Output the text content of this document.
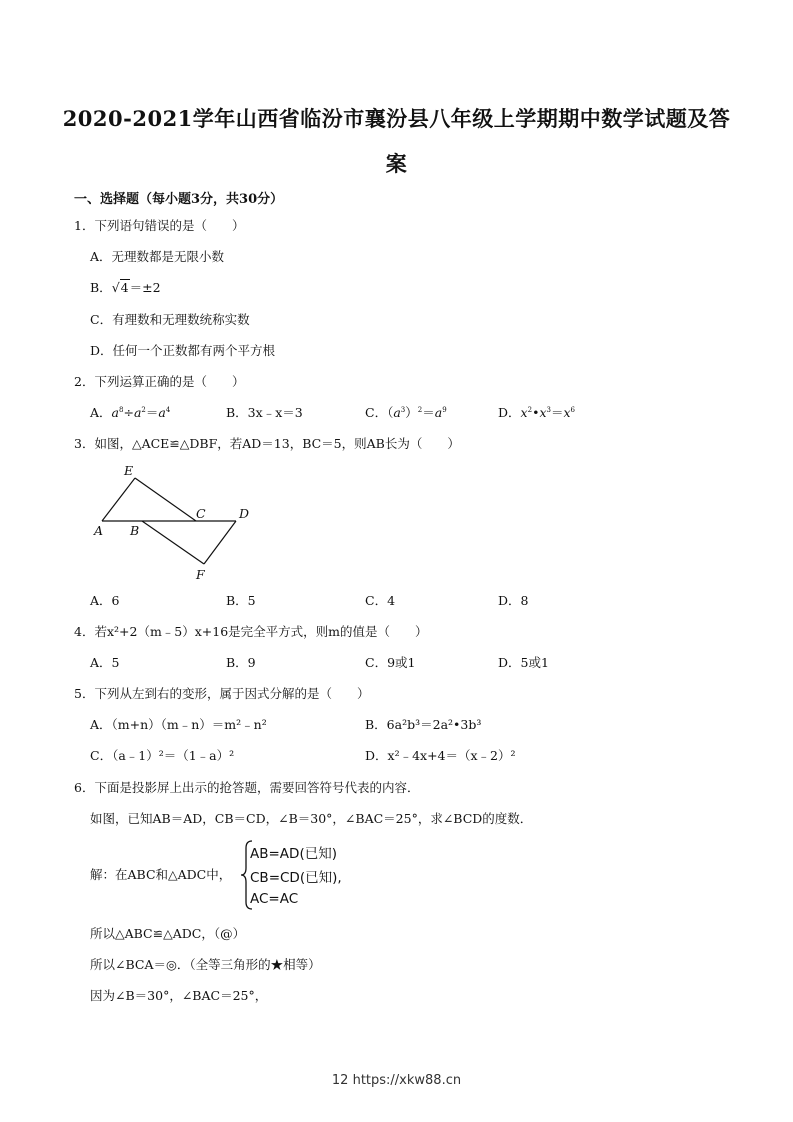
2020-2021学年山西省临汾市襄汾县八年级上学期期中数学试题及答
案
一、选择题（每小题3分，共30分）
1．下列语句错误的是（　　）
A．无理数都是无限小数
B．√4＝±2
C．有理数和无理数统称实数
D．任何一个正数都有两个平方根
2．下列运算正确的是（　　）
A．$a^8\div a^2=a^4$	B．3x﹣x＝3	C．$(a^3)^2=a^9$	D．$x^2•x^3=x^6$
3．如图，△ACE≌△DBF，若AD＝13，BC＝5，则AB长为（　　）
E
C	D
A B
F
A．6	B．5	C．4	D．8
4．若x²+2（m﹣5）x+16是完全平方式，则m的值是（　　）
A．5	B．9	C．9或1	D．5或1
5．下列从左到右的变形，属于因式分解的是（　　）
A．（m+n）（m﹣n）＝m²﹣n²	B．6a²b³＝2a²•3b³
C．（a﹣1）²＝（1﹣a）²	D．x²﹣4x+4＝（x﹣2）²
6．下面是投影屏上出示的抢答题，需要回答符号代表的内容．
如图，已知AB＝AD，CB＝CD，∠B＝30°，∠BAC＝25°，求∠BCD的度数．
解：在ABC和△ADC中，
AB=AD(已知)
CB=CD(已知),
AC=AC
所以△ABC≌△ADC，（@）
所以∠BCA＝◎．（全等三角形的★相等）
因为∠B＝30°，∠BAC＝25°，
12 https://xkw88.cn
